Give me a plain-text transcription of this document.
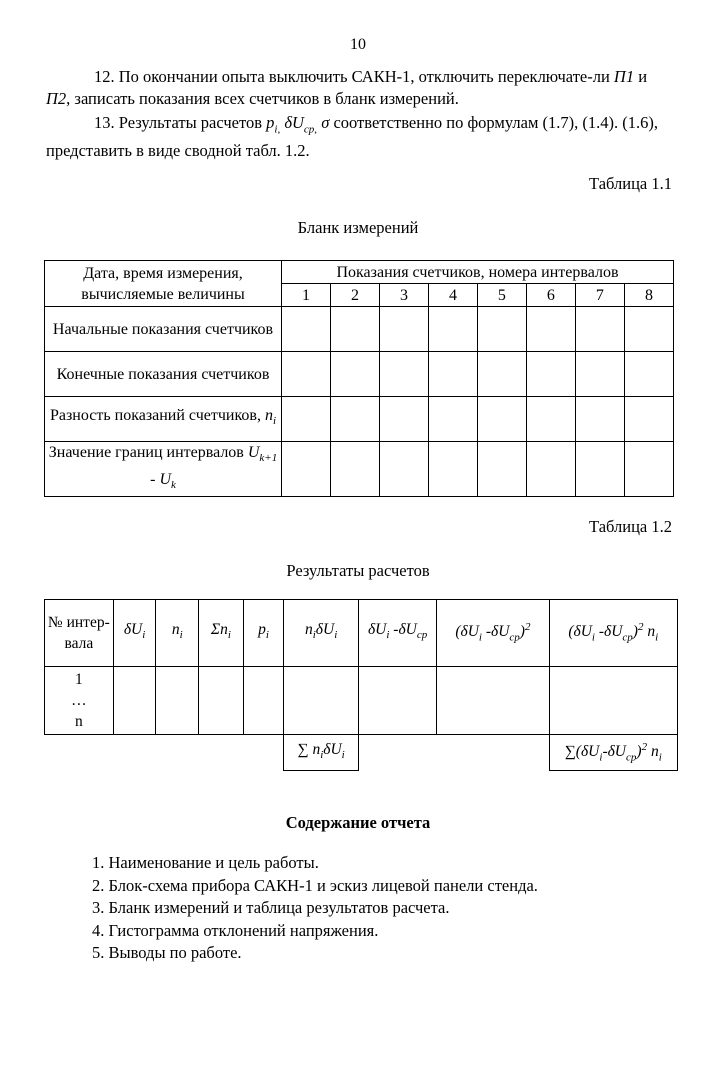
10
12. По окончании опыта выключить САКН-1, отключить переключате-ли П1 и П2, записать показания всех счетчиков в бланк измерений.
13. Результаты расчетов $p_{i,}$ $\delta U_{cp,}$ σ соответственно по формулам (1.7), (1.4). (1.6), представить в виде сводной табл. 1.2.
Таблица 1.1
Бланк измерений
Дата, время измерения, вычисляемые величины	Показания счетчиков, номера интервалов							
	1	2	3	4	5	6	7	8
Начальные показания счетчиков								
Конечные показания счетчиков								
Разность показаний счетчиков, $n_i$								
Значение границ интервалов $U_{k+1} - U_k$								
Таблица 1.2
Результаты расчетов
№ интер-вала	$\delta U_i$	$n_i$	$\Sigma n_i$	$p_i$	$n_i\delta U_i$	$\delta U_i$ $-\delta U_{cp}$	($\delta U_i$ $-\delta U_{cp})^2$	($\delta U_i$ $-\delta U_{cp})^2$ $n_i$

1
…
n								

					∑ $n_i\delta U_i$			$\sum(\delta U_i-\delta U_{cp})^2$ $n_i$
Содержание отчета
1. Наименование и цель работы.
2. Блок-схема прибора САКН-1 и эскиз лицевой панели стенда.
3. Бланк измерений и таблица результатов расчета.
4. Гистограмма отклонений напряжения.
5. Выводы по работе.
